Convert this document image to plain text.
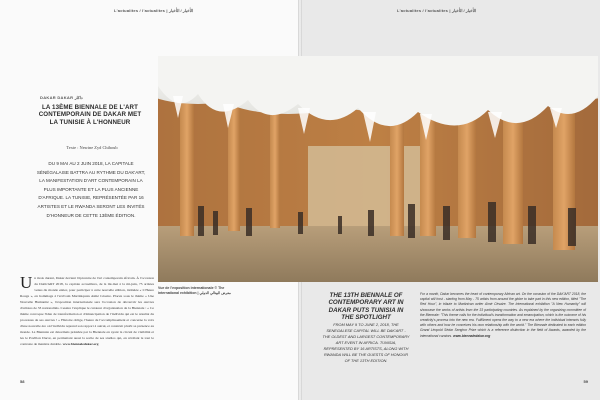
L'actualites / l'actualites | الأخبار / الأخبار
DAKAR DAKAR داكار
LA 13ÈME BIENNALE DE L'ART CONTEMPORAIN DE DAKAR MET LA TUNISIE À L'HONNEUR
Texte : Nesrine Zyd Chihoub
DU 9 MAI AU 2 JUIN 2018, LA CAPITALE SÉNÉGALAISE BATTRA AU RYTHME DU DAK'ART, LA MANIFESTATION D'ART CONTEMPORAIN LA PLUS IMPORTANTE ET LA PLUS ANCIENNE D'AFRIQUE. LA TUNISIE, REPRÉSENTÉE PAR 16 ARTISTES ET LE RWANDA SERONT LES INVITÉS D'HONNEUR DE CETTE 13ÈME ÉDITION.
Un mois durant, Dakar devient l'épicentre de l'art contemporain africain. À l'occasion du DAK'ART 2018, la capitale accueillera, de la mi-mai à la mi-juin, 75 artistes venus du monde entier, pour participer à cette nouvelle édition, intitulée « L'Heure Rouge », en hommage à l'écrivain Martiniquais Aimé Césaire. Placée sous le thème « Une Nouvelle Humanité », l'exposition internationale sera l'occasion de découvrir les œuvres d'artistes de 33 nationalités. Cesaire l'explique le curateur d'organisation de la Biennale : « Ce thème convoque l'idée de transformation et d'émancipation de l'individu qui est le résultat du processus de ses œuvres ! » Histoire oblige, l'heure de l'accomplissement et concerne la voix d'une nouvelle ère où l'individu reprend son rapport à autrui, et construit plutôt sa présence au monde. La Biennale est désormais présidée par la Biennale en ayant la circuit de visibilité et les le Pavillon Ducat, en permettant aussi la sortie de ses studios qui, en révélant le tout le contraste de manière durable. www.biennaledakar.org
58
Vue de l'exposition internationale © The international exhibition | معرض البينالي الدولي
L'actualites / l'actualites | الأخبار / الأخبار
THE 13TH BIENNALE OF CONTEMPORARY ART IN DAKAR PUTS TUNISIA IN THE SPOTLIGHT
FROM MAY 9 TO JUNE 2, 2018, THE SENEGALESE CAPITAL WILL BE DAK'ART - THE OLDEST AND LARGEST CONTEMPORARY ART EVENT IN AFRICA. TUNISIA, REPRESENTED BY 16 ARTISTS, ALONG WITH RWANDA WILL BE THE GUESTS OF HONOUR OF THE 13TH EDITION.
For a month, Dakar becomes the heart of contemporary African art. On the occasion of the DAK'ART 2018, the capital will host - starting from May - 75 artists from around the globe to take part in this new edition, titled "The Red Hour", in tribute to Martinican writer Aimé Césaire. The International exhibition "A New Humanity" will showcase the works of artists from the 33 participating countries. As explained by the organizing committee of the Biennale: "This theme calls for the individual's transformation and emancipation, which is the outcome of his creativity's process into the new era. Fulfillment opens the way to a new era where the individual interacts fully with others and how he conceives his own relationship with the world." The Biennale dedicated to each edition Grand Léopold Sédar Senghor Prize which is a reference distinction in the field of Awards, awarded by the international curators. www.biennaledakar.org
59
